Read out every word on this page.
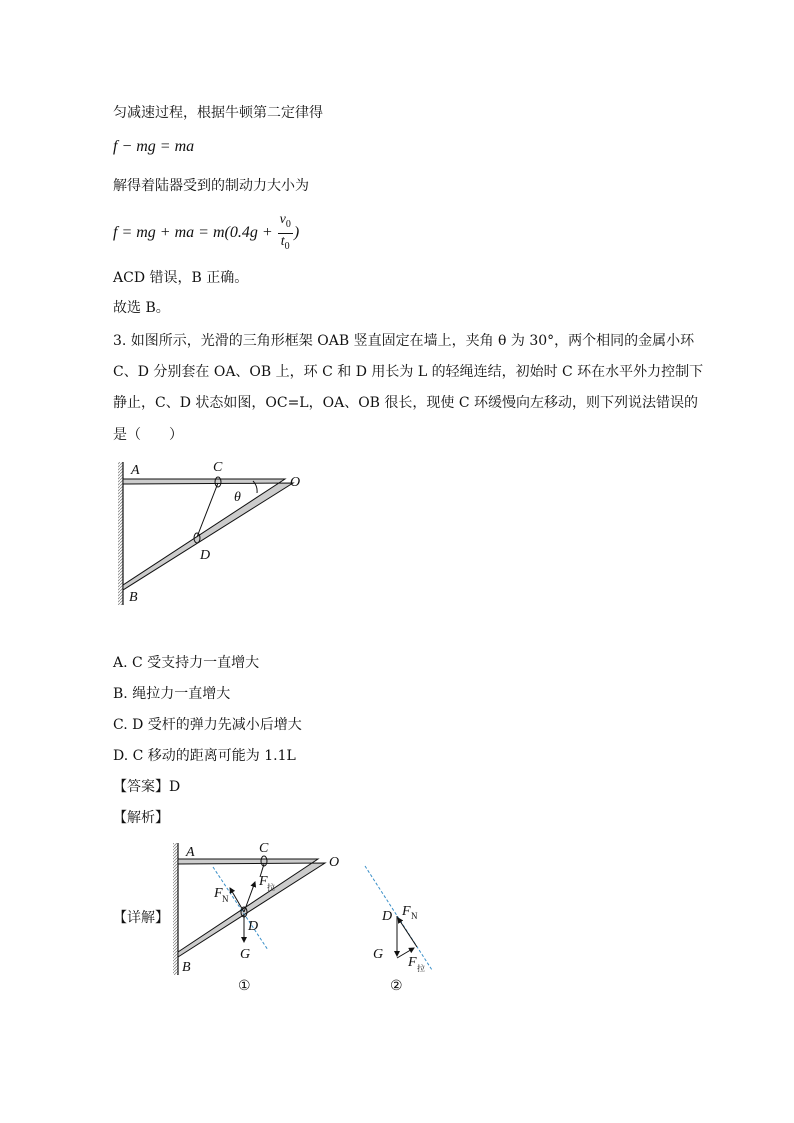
匀减速过程，根据牛顿第二定律得
f − mg = ma
解得着陆器受到的制动力大小为
f = mg + ma = $m(0.4g + \frac{v_0}{t_0}$ )
ACD 错误，B 正确。
故选 B。
3. 如图所示，光滑的三角形框架 OAB 竖直固定在墙上，夹角 θ 为 30°，两个相同的金属小环
C、D 分别套在 OA、OB 上，环 C 和 D 用长为 L 的轻绳连结，初始时 C 环在水平外力控制下
静止，C、D 状态如图，OC=L，OA、OB 很长，现使 C 环缓慢向左移动，则下列说法错误的
是（　　）
A	C
O
θ
D
B
A	C
O
F N
F 拉
D
G
B
①
D F N
G
F 拉
②
A. C 受支持力一直增大
B. 绳拉力一直增大
C. D 受杆的弹力先减小后增大
D. C 移动的距离可能为 1.1L
【答案】D
【解析】
【详解】
